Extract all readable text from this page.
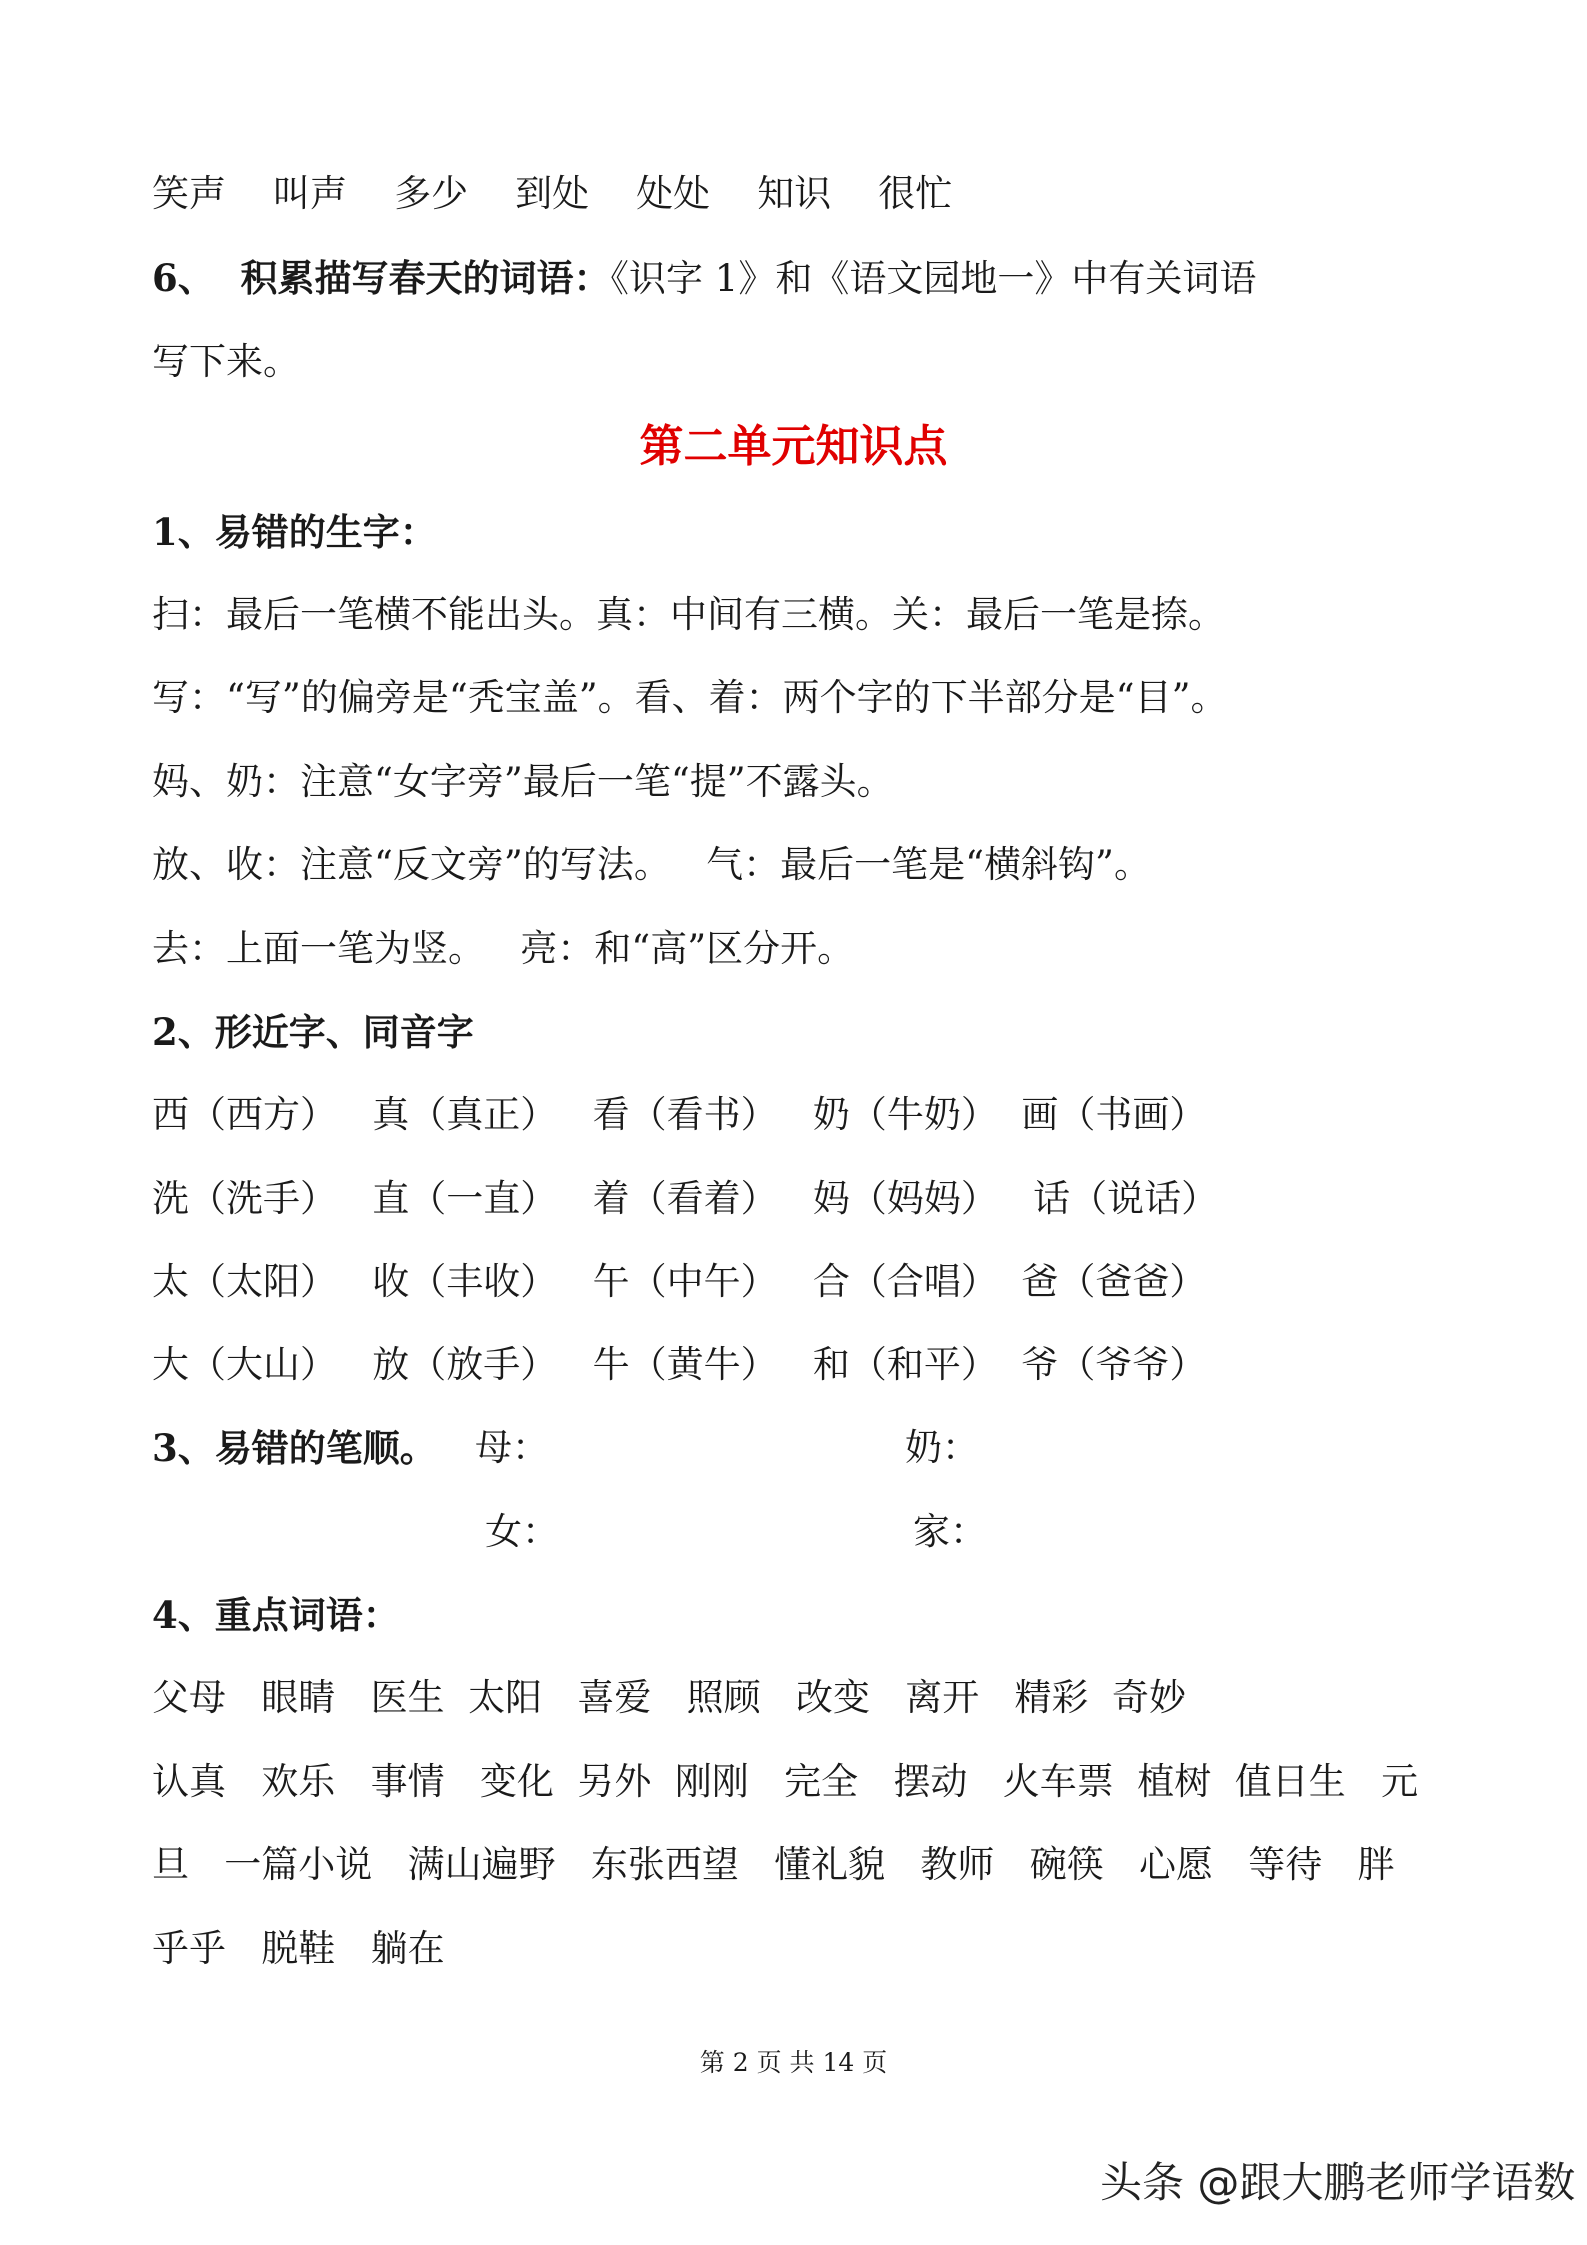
笑声    叫声    多少    到处    处处    知识    很忙
6、  积累描写春天的词语：《识字 1》和《语文园地一》中有关词语
写下来。
第二单元知识点
1、易错的生字：
扫：最后一笔横不能出头。真：中间有三横。关：最后一笔是捺。
写：“写”的偏旁是“秃宝盖”。看、着：两个字的下半部分是“目”。
妈、奶：注意“女字旁”最后一笔“提”不露头。
放、收：注意“反文旁”的写法。   气：最后一笔是“横斜钩”。
去：上面一笔为竖。   亮：和“高”区分开。
2、形近字、同音字
西（西方）   真（真正）   看（看书）   奶（牛奶）  画（书画）
洗（洗手）   直（一直）   着（看着）   妈（妈妈）   话（说话）
太（太阳）   收（丰收）   午（中午）   合（合唱）  爸（爸爸）
大（大山）   放（放手）   牛（黄牛）   和（和平）  爷（爷爷）
3、易错的笔顺。 母：	奶：
女：	家：
4、重点词语：
父母   眼睛   医生  太阳   喜爱   照顾   改变   离开   精彩  奇妙
认真   欢乐   事情   变化  另外  刚刚   完全   摆动   火车票  植树  值日生   元
旦   一篇小说   满山遍野   东张西望   懂礼貌   教师   碗筷   心愿   等待   胖
乎乎   脱鞋   躺在
第 2 页 共 14 页
头条 @跟大鹏老师学语数
